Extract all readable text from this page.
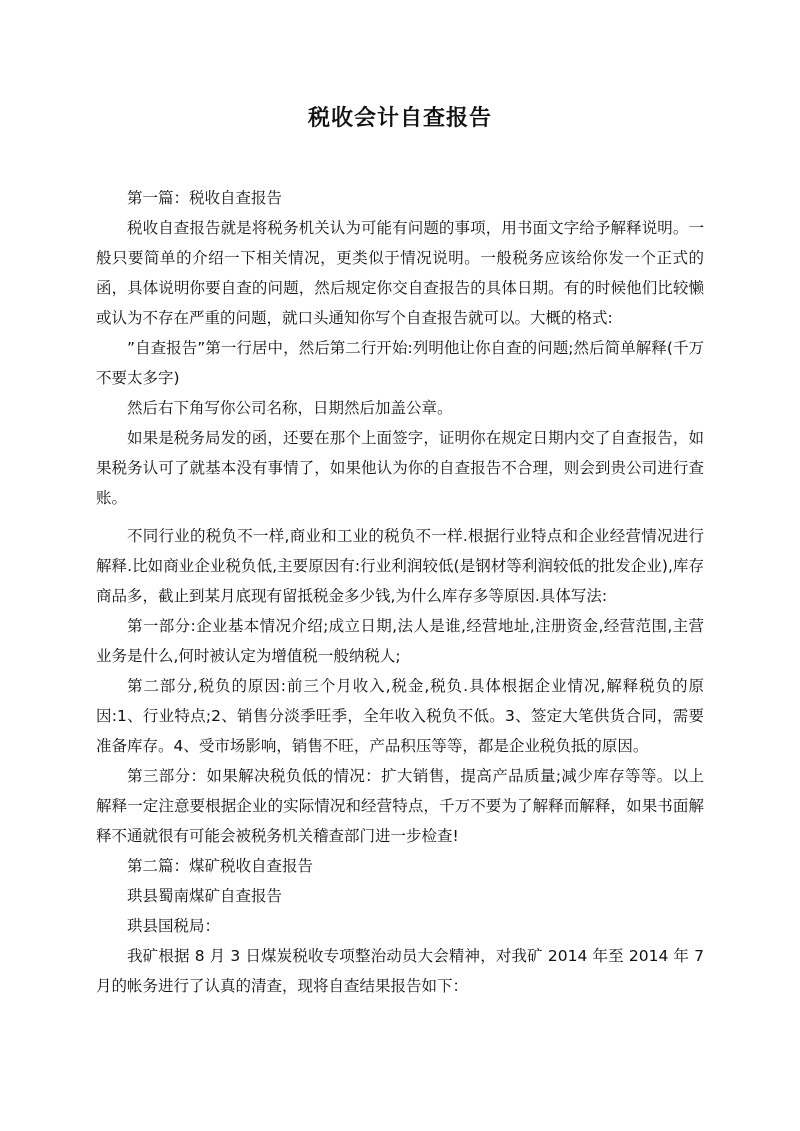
税收会计自查报告

第一篇：税收自查报告

税收自查报告就是将税务机关认为可能有问题的事项，用书面文字给予解释说明。一般只要简单的介绍一下相关情况，更类似于情况说明。一般税务应该给你发一个正式的函，具体说明你要自查的问题，然后规定你交自查报告的具体日期。有的时候他们比较懒或认为不存在严重的问题，就口头通知你写个自查报告就可以。大概的格式:

”自查报告”第一行居中，然后第二行开始:列明他让你自查的问题;然后简单解释(千万不要太多字)

然后右下角写你公司名称，日期然后加盖公章。

如果是税务局发的函，还要在那个上面签字，证明你在规定日期内交了自查报告，如果税务认可了就基本没有事情了，如果他认为你的自查报告不合理，则会到贵公司进行查账。

不同行业的税负不一样,商业和工业的税负不一样.根据行业特点和企业经营情况进行解释.比如商业企业税负低,主要原因有:行业利润较低(是钢材等利润较低的批发企业),库存商品多，截止到某月底现有留抵税金多少钱,为什么库存多等原因.具体写法:

第一部分:企业基本情况介绍;成立日期,法人是谁,经营地址,注册资金,经营范围,主营业务是什么,何时被认定为增值税一般纳税人;

第二部分,税负的原因:前三个月收入,税金,税负.具体根据企业情况,解释税负的原因:1、行业特点;2、销售分淡季旺季，全年收入税负不低。3、签定大笔供货合同，需要准备库存。4、受市场影响，销售不旺，产品积压等等，都是企业税负抵的原因。

第三部分：如果解决税负低的情况：扩大销售，提高产品质量;减少库存等等。以上解释一定注意要根据企业的实际情况和经营特点，千万不要为了解释而解释，如果书面解释不通就很有可能会被税务机关稽查部门进一步检查!

第二篇：煤矿税收自查报告

珙县蜀南煤矿自查报告

珙县国税局：

我矿根据 8 月 3 日煤炭税收专项整治动员大会精神，对我矿 2014 年至 2014 年 7 月的帐务进行了认真的清查，现将自查结果报告如下：
